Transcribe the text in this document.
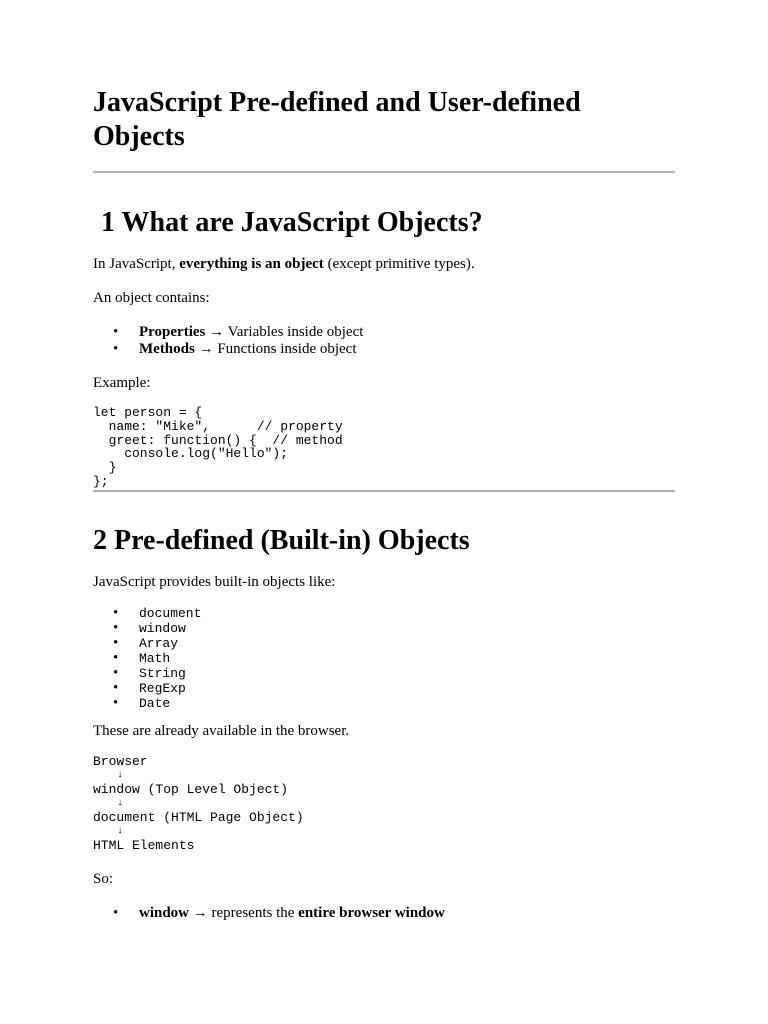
JavaScript Pre-defined and User-defined Objects
1 What are JavaScript Objects?

In JavaScript, everything is an object (except primitive types).

An object contains:

• Properties → Variables inside object
• Methods → Functions inside object

Example:

let person = {
name: "Mike",      // property
greet: function() {  // method
console.log("Hello");
}
};
2 Pre-defined (Built-in) Objects

JavaScript provides built-in objects like:

• document
• window
• Array
• Math
• String
• RegExp
• Date

These are already available in the browser.

Browser
↓
window (Top Level Object)
↓
document (HTML Page Object)
↓
HTML Elements

So:

• window → represents the entire browser window
